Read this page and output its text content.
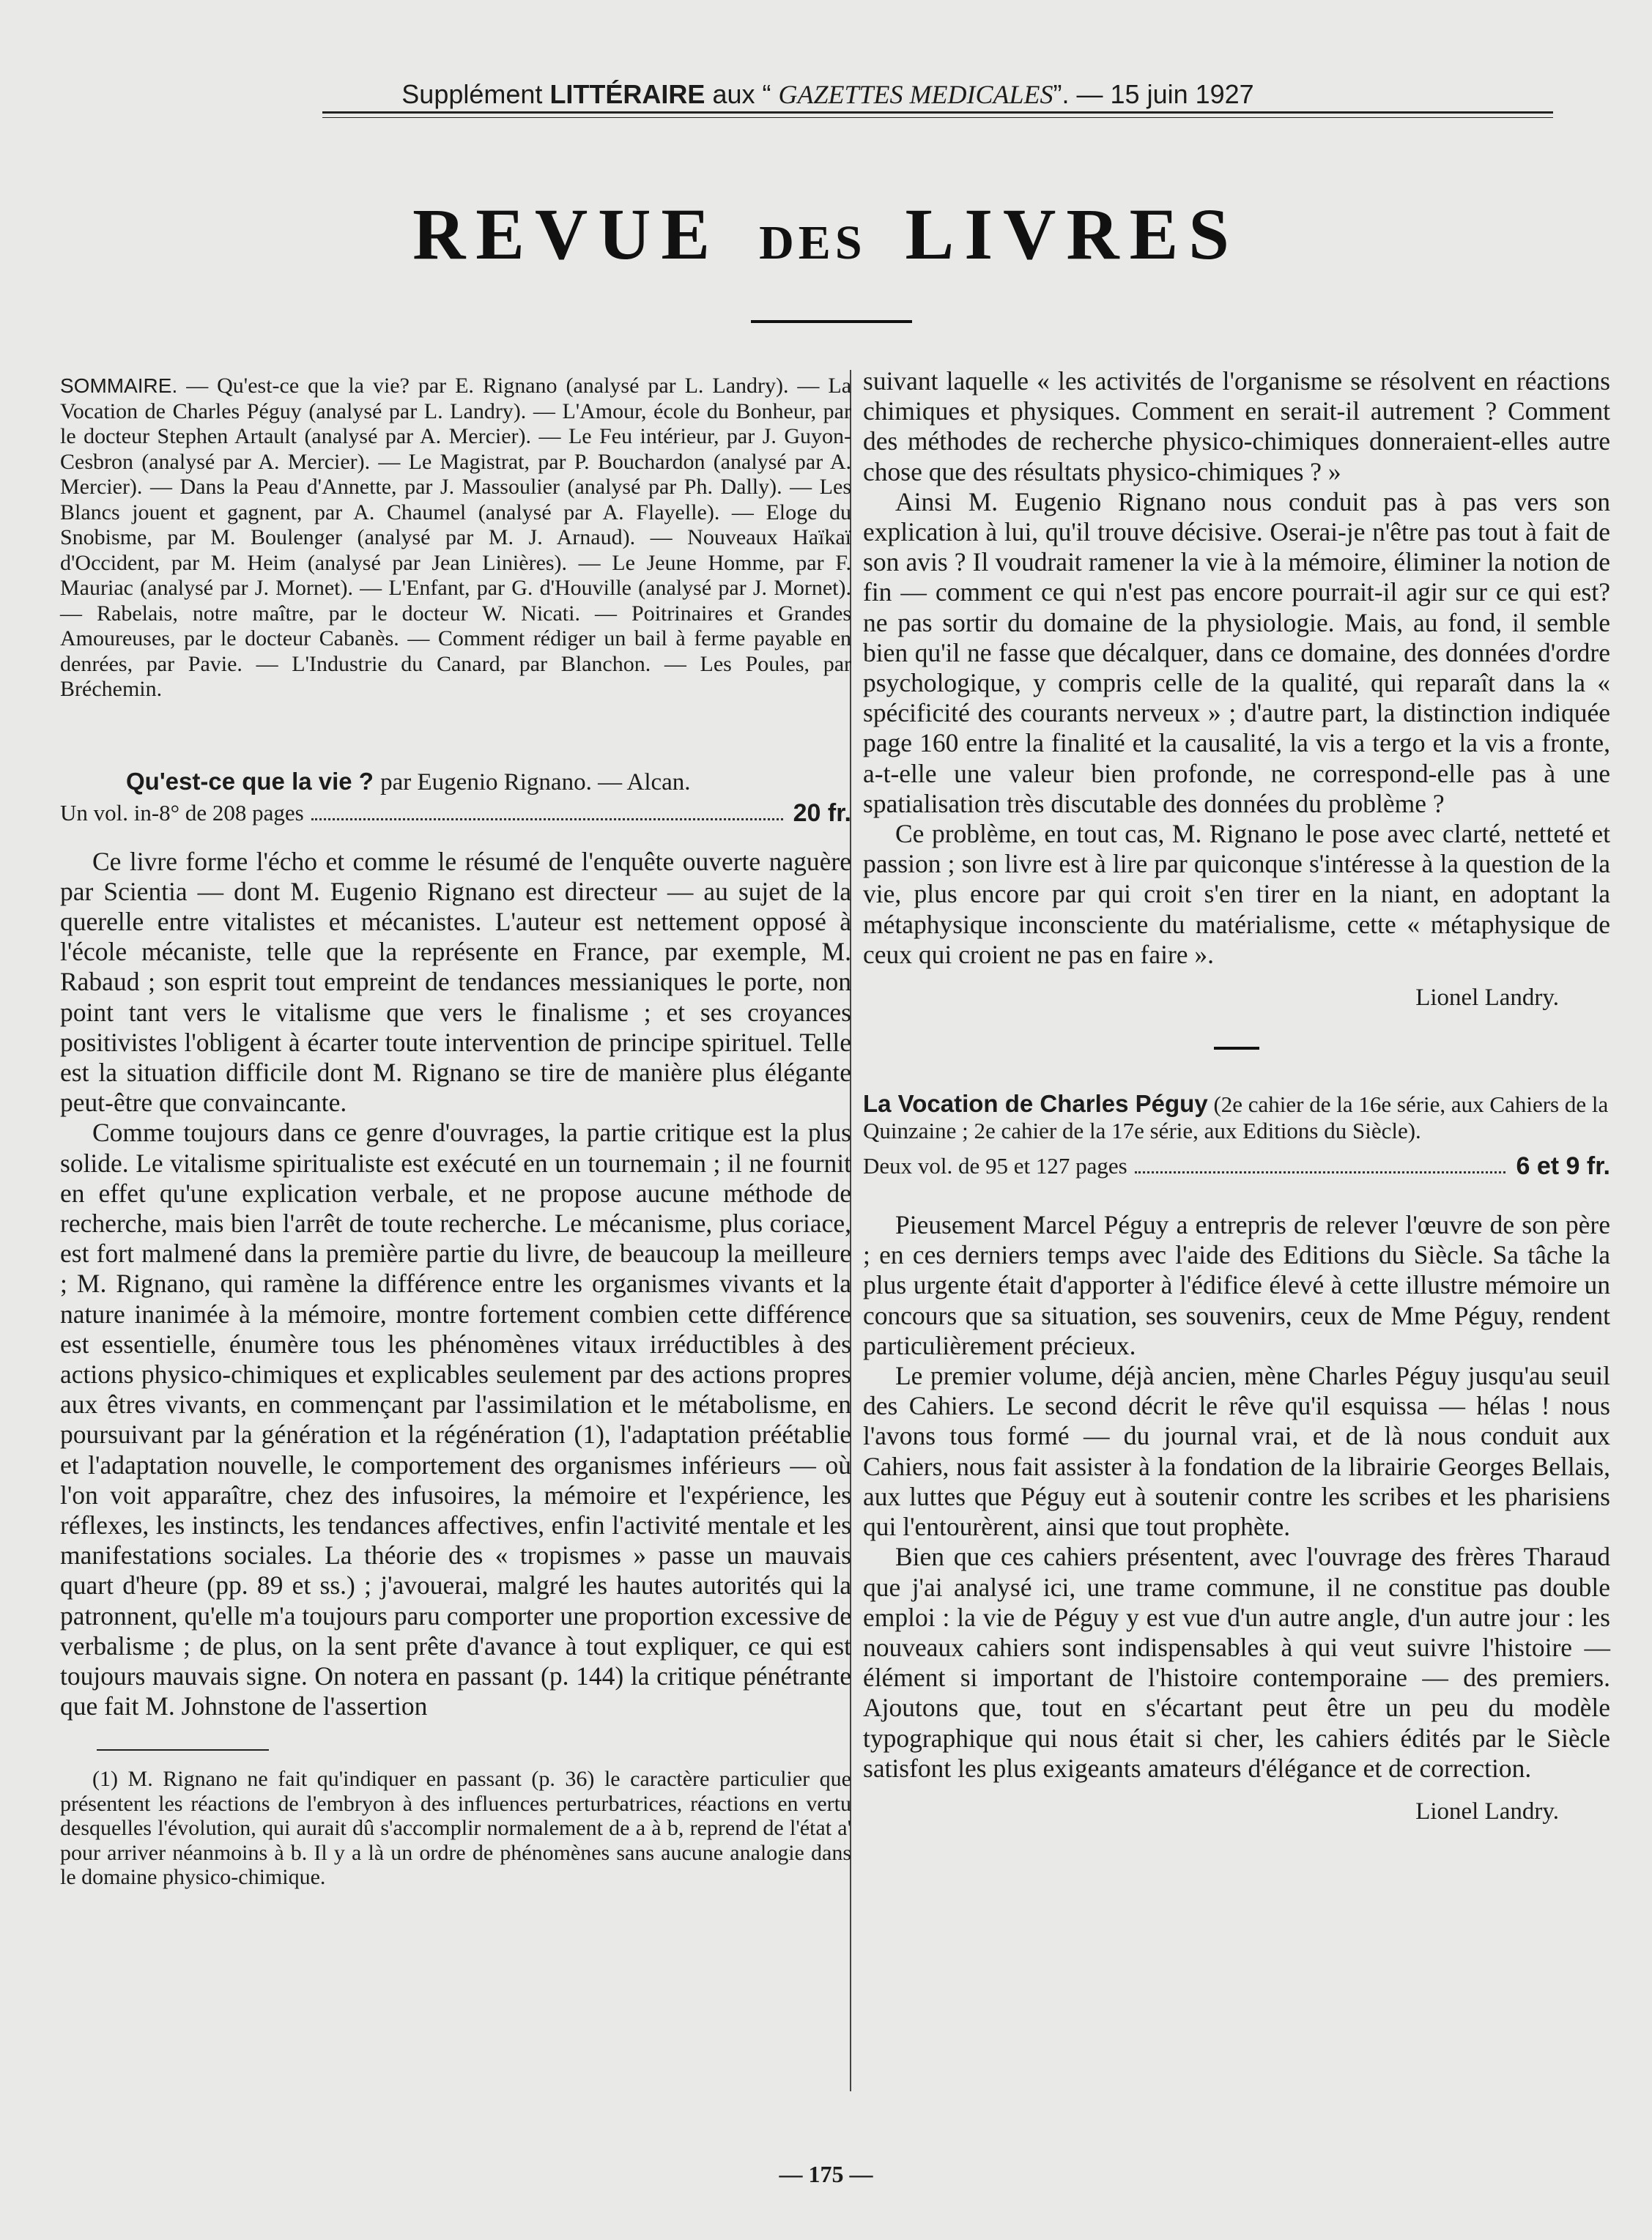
Supplément LITTÉRAIRE aux “ GAZETTES MEDICALES”. — 15 juin 1927
REVUE DES LIVRES
SOMMAIRE. — Qu'est-ce que la vie? par E. Rignano (analysé par L. Landry). — La Vocation de Charles Péguy (analysé par L. Landry). — L'Amour, école du Bonheur, par le docteur Stephen Artault (analysé par A. Mercier). — Le Feu intérieur, par J. Guyon-Cesbron (analysé par A. Mercier). — Le Magistrat, par P. Bouchardon (analysé par A. Mercier). — Dans la Peau d'Annette, par J. Massoulier (analysé par Ph. Dally). — Les Blancs jouent et gagnent, par A. Chaumel (analysé par A. Flayelle). — Eloge du Snobisme, par M. Boulenger (analysé par M. J. Arnaud). — Nouveaux Haïkaï d'Occident, par M. Heim (analysé par Jean Linières). — Le Jeune Homme, par F. Mauriac (analysé par J. Mornet). — L'Enfant, par G. d'Houville (analysé par J. Mornet). — Rabelais, notre maître, par le docteur W. Nicati. — Poitrinaires et Grandes Amoureuses, par le docteur Cabanès. — Comment rédiger un bail à ferme payable en denrées, par Pavie. — L'Industrie du Canard, par Blanchon. — Les Poules, par Bréchemin.
Qu'est-ce que la vie ? par Eugenio Rignano. — Alcan.
Un vol. in-8° de 208 pages	20 fr.

Ce livre forme l'écho et comme le résumé de l'enquête ouverte naguère par Scientia — dont M. Eugenio Rignano est directeur — au sujet de la querelle entre vitalistes et mécanistes. L'auteur est nettement opposé à l'école mécaniste, telle que la représente en France, par exemple, M. Rabaud ; son esprit tout empreint de tendances messianiques le porte, non point tant vers le vitalisme que vers le finalisme ; et ses croyances positivistes l'obligent à écarter toute intervention de principe spirituel. Telle est la situation difficile dont M. Rignano se tire de manière plus élégante peut-être que convaincante.

Comme toujours dans ce genre d'ouvrages, la partie critique est la plus solide. Le vitalisme spiritualiste est exécuté en un tournemain ; il ne fournit en effet qu'une explication verbale, et ne propose aucune méthode de recherche, mais bien l'arrêt de toute recherche. Le mécanisme, plus coriace, est fort malmené dans la première partie du livre, de beaucoup la meilleure ; M. Rignano, qui ramène la différence entre les organismes vivants et la nature inanimée à la mémoire, montre fortement combien cette différence est essentielle, énumère tous les phénomènes vitaux irréductibles à des actions physico-chimiques et explicables seulement par des actions propres aux êtres vivants, en commençant par l'assimilation et le métabolisme, en poursuivant par la génération et la régénération (1), l'adaptation préétablie et l'adaptation nouvelle, le comportement des organismes inférieurs — où l'on voit apparaître, chez des infusoires, la mémoire et l'expérience, les réflexes, les instincts, les tendances affectives, enfin l'activité mentale et les manifestations sociales. La théorie des « tropismes » passe un mauvais quart d'heure (pp. 89 et ss.) ; j'avouerai, malgré les hautes autorités qui la patronnent, qu'elle m'a toujours paru comporter une proportion excessive de verbalisme ; de plus, on la sent prête d'avance à tout expliquer, ce qui est toujours mauvais signe. On notera en passant (p. 144) la critique pénétrante que fait M. Johnstone de l'assertion

(1) M. Rignano ne fait qu'indiquer en passant (p. 36) le caractère particulier que présentent les réactions de l'embryon à des influences perturbatrices, réactions en vertu desquelles l'évolution, qui aurait dû s'accomplir normalement de a à b, reprend de l'état a' pour arriver néanmoins à b. Il y a là un ordre de phénomènes sans aucune analogie dans le domaine physico-chimique.

suivant laquelle « les activités de l'organisme se résolvent en réactions chimiques et physiques. Comment en serait-il autrement ? Comment des méthodes de recherche physico-chimiques donneraient-elles autre chose que des résultats physico-chimiques ? »

Ainsi M. Eugenio Rignano nous conduit pas à pas vers son explication à lui, qu'il trouve décisive. Oserai-je n'être pas tout à fait de son avis ? Il voudrait ramener la vie à la mémoire, éliminer la notion de fin — comment ce qui n'est pas encore pourrait-il agir sur ce qui est? ne pas sortir du domaine de la physiologie. Mais, au fond, il semble bien qu'il ne fasse que décalquer, dans ce domaine, des données d'ordre psychologique, y compris celle de la qualité, qui reparaît dans la « spécificité des courants nerveux » ; d'autre part, la distinction indiquée page 160 entre la finalité et la causalité, la vis a tergo et la vis a fronte, a-t-elle une valeur bien profonde, ne correspond-elle pas à une spatialisation très discutable des données du problème ?

Ce problème, en tout cas, M. Rignano le pose avec clarté, netteté et passion ; son livre est à lire par quiconque s'intéresse à la question de la vie, plus encore par qui croit s'en tirer en la niant, en adoptant la métaphysique inconsciente du matérialisme, cette « métaphysique de ceux qui croient ne pas en faire ».

Lionel Landry.
La Vocation de Charles Péguy (2e cahier de la 16e série, aux Cahiers de la Quinzaine ; 2e cahier de la 17e série, aux Editions du Siècle).
Deux vol. de 95 et 127 pages	6 et 9 fr.

Pieusement Marcel Péguy a entrepris de relever l'œuvre de son père ; en ces derniers temps avec l'aide des Editions du Siècle. Sa tâche la plus urgente était d'apporter à l'édifice élevé à cette illustre mémoire un concours que sa situation, ses souvenirs, ceux de Mme Péguy, rendent particulièrement précieux.

Le premier volume, déjà ancien, mène Charles Péguy jusqu'au seuil des Cahiers. Le second décrit le rêve qu'il esquissa — hélas ! nous l'avons tous formé — du journal vrai, et de là nous conduit aux Cahiers, nous fait assister à la fondation de la librairie Georges Bellais, aux luttes que Péguy eut à soutenir contre les scribes et les pharisiens qui l'entourèrent, ainsi que tout prophète.

Bien que ces cahiers présentent, avec l'ouvrage des frères Tharaud que j'ai analysé ici, une trame commune, il ne constitue pas double emploi : la vie de Péguy y est vue d'un autre angle, d'un autre jour : les nouveaux cahiers sont indispensables à qui veut suivre l'histoire — élément si important de l'histoire contemporaine — des premiers. Ajoutons que, tout en s'écartant peut être un peu du modèle typographique qui nous était si cher, les cahiers édités par le Siècle satisfont les plus exigeants amateurs d'élégance et de correction.

Lionel Landry.
— 175 —
